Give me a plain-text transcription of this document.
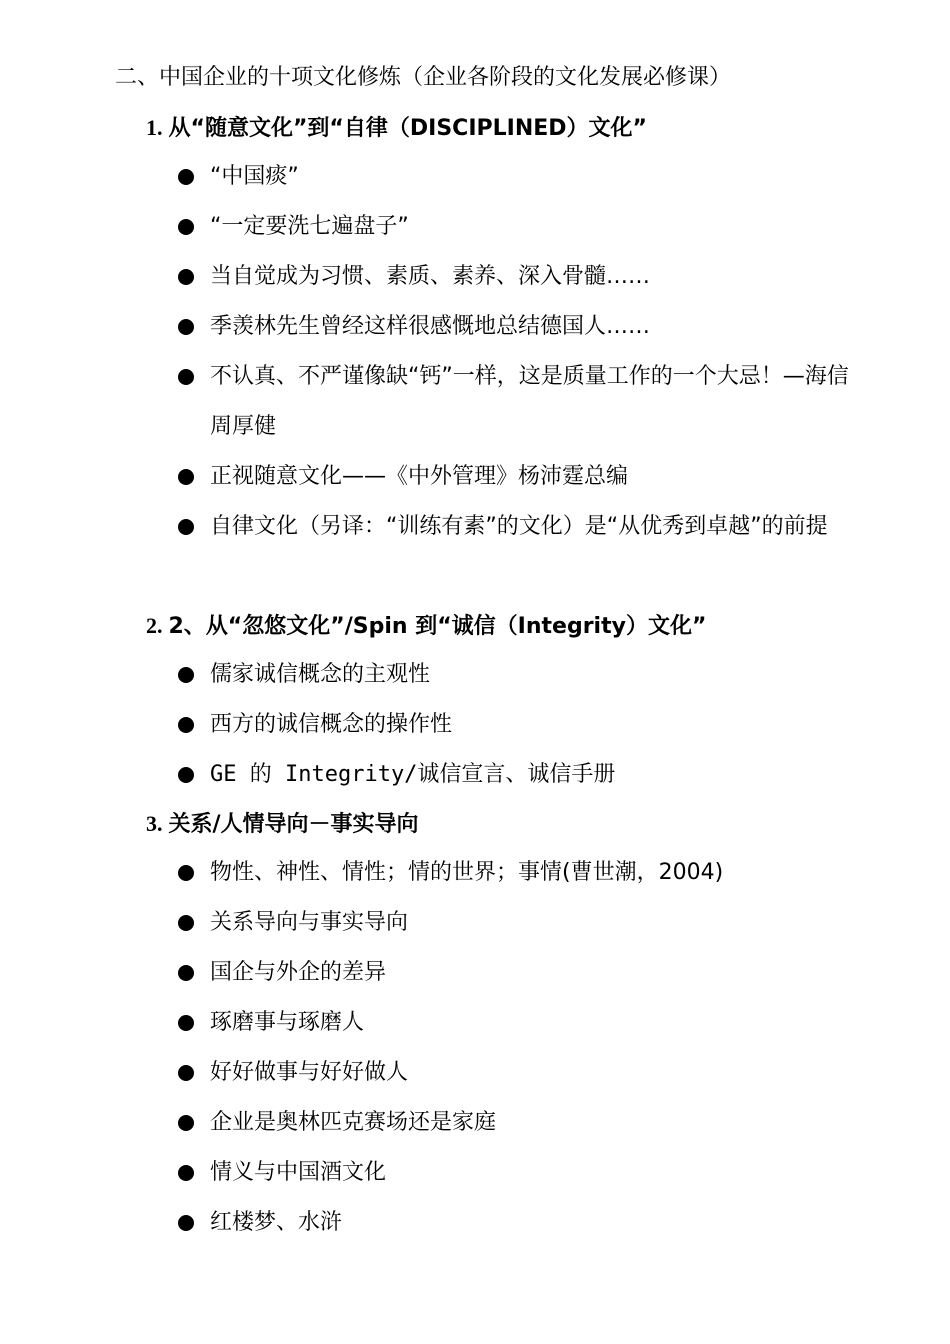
二、中国企业的十项文化修炼（企业各阶段的文化发展必修课）
1. 从“随意文化”到“自律（DISCIPLINED）文化”
“中国痰”
“一定要洗七遍盘子”
当自觉成为习惯、素质、素养、深入骨髓……
季羡林先生曾经这样很感慨地总结德国人……
不认真、不严谨像缺“钙”一样，这是质量工作的一个大忌！—海信周厚健
正视随意文化——《中外管理》杨沛霆总编
自律文化（另译：“训练有素”的文化）是“从优秀到卓越”的前提
2. 2、从“忽悠文化”/Spin 到“诚信（Integrity）文化”
儒家诚信概念的主观性
西方的诚信概念的操作性
GE 的 Integrity/诚信宣言、诚信手册
3. 关系/人情导向－事实导向
物性、神性、情性；情的世界；事情(曹世潮，2004)
关系导向与事实导向
国企与外企的差异
琢磨事与琢磨人
好好做事与好好做人
企业是奥林匹克赛场还是家庭
情义与中国酒文化
红楼梦、水浒
